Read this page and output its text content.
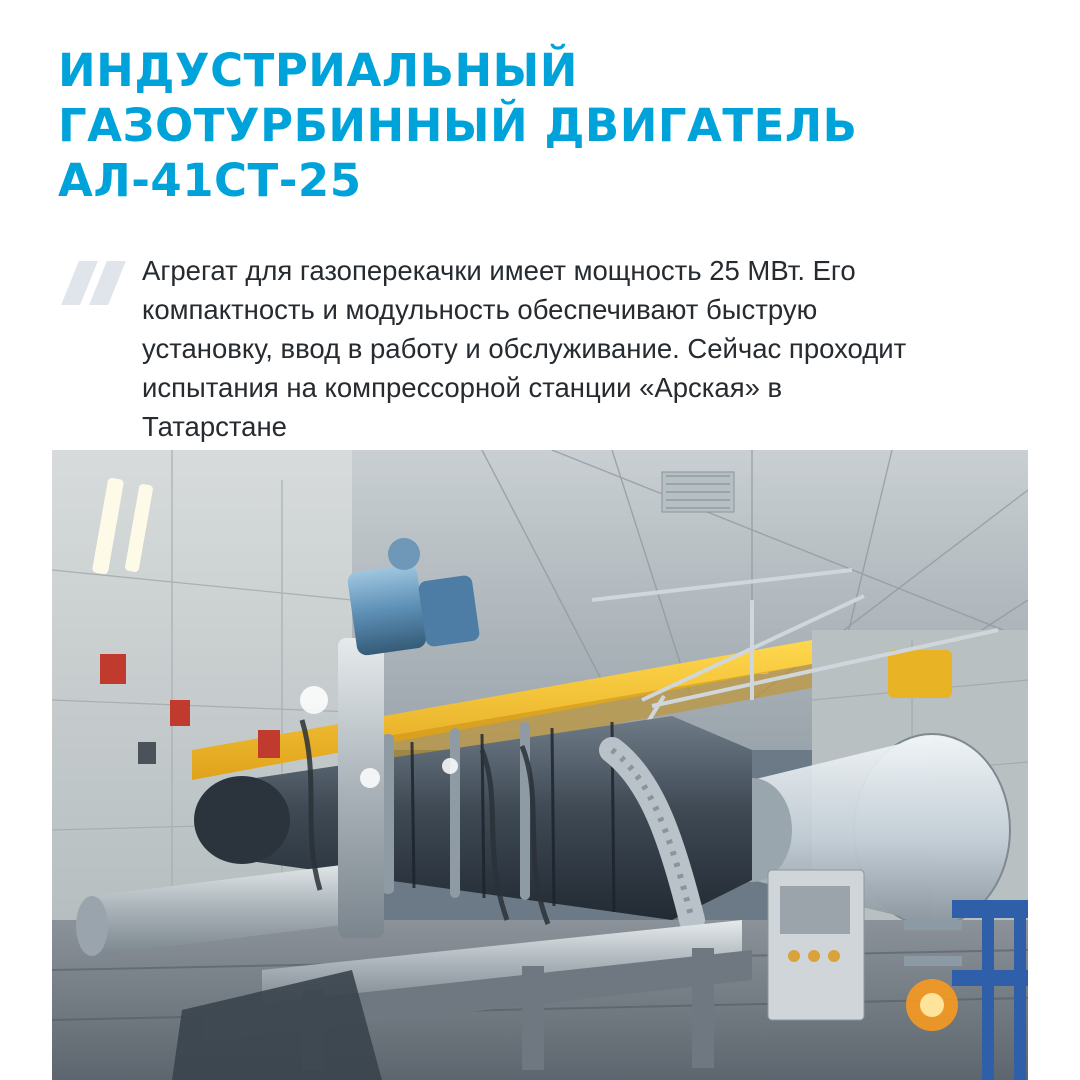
ИНДУСТРИАЛЬНЫЙ ГАЗОТУРБИННЫЙ ДВИГАТЕЛЬ АЛ-41СТ-25

Агрегат для газоперекачки имеет мощность 25 МВт. Его компактность и модульность обеспечивают быструю установку, ввод в работу и обслуживание. Сейчас проходит испытания на компрессорной станции «Арская» в Татарстане
